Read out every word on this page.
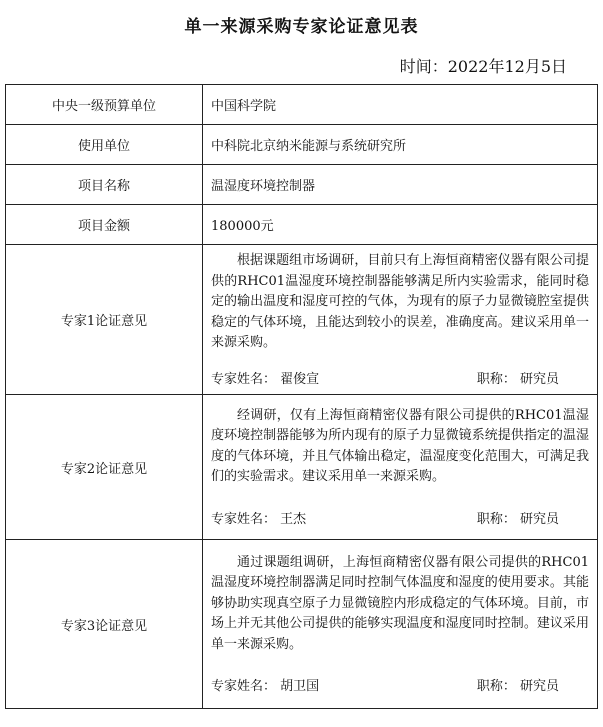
单一来源采购专家论证意见表
时间：2022年12月5日
中央一级预算单位	中国科学院
使用单位	中科院北京纳米能源与系统研究所
项目名称	温湿度环境控制器
项目金额	180000元
专家1论证意见	根据课题组市场调研，目前只有上海恒商精密仪器有限公司提供的RHC01温湿度环境控制器能够满足所内实验需求，能同时稳定的输出温度和湿度可控的气体，为现有的原子力显微镜腔室提供稳定的气体环境，且能达到较小的误差，准确度高。建议采用单一来源采购。
专家姓名： 翟俊宣 职称： 研究员

专家2论证意见	经调研，仅有上海恒商精密仪器有限公司提供的RHC01温湿度环境控制器能够为所内现有的原子力显微镜系统提供指定的温湿度的气体环境，并且气体输出稳定，温湿度变化范围大，可满足我们的实验需求。建议采用单一来源采购。
专家姓名： 王杰 职称： 研究员

专家3论证意见	通过课题组调研，上海恒商精密仪器有限公司提供的RHC01温湿度环境控制器满足同时控制气体温度和湿度的使用要求。其能够协助实现真空原子力显微镜腔内形成稳定的气体环境。目前，市场上并无其他公司提供的能够实现温度和湿度同时控制。建议采用单一来源采购。
专家姓名： 胡卫国 职称： 研究员
